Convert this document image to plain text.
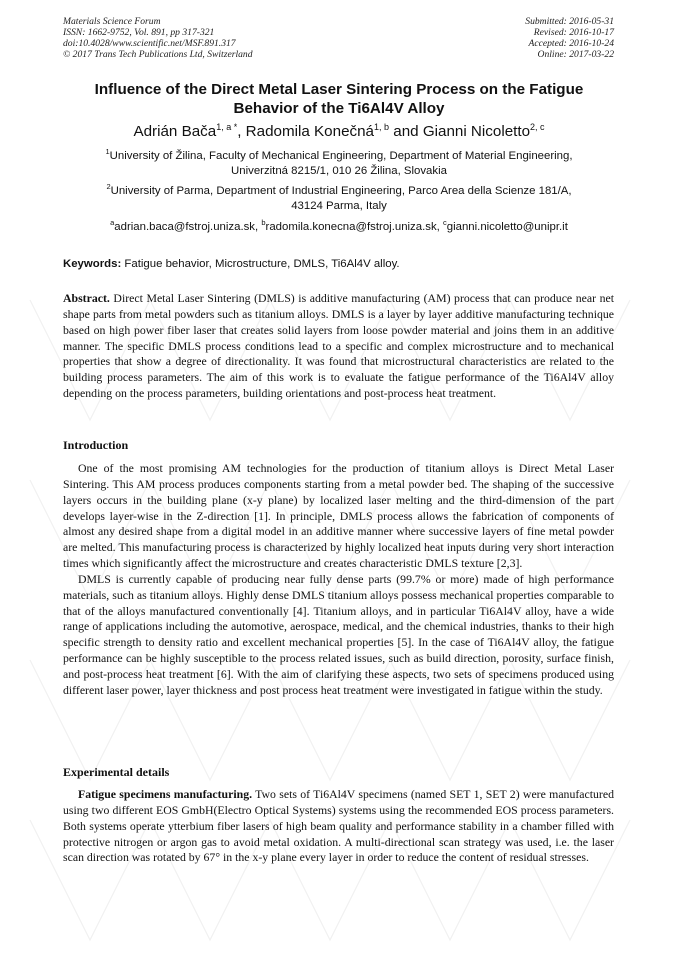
Materials Science Forum
ISSN: 1662-9752, Vol. 891, pp 317-321
doi:10.4028/www.scientific.net/MSF.891.317
© 2017 Trans Tech Publications Ltd, Switzerland
Submitted: 2016-05-31
Revised: 2016-10-17
Accepted: 2016-10-24
Online: 2017-03-22
Influence of the Direct Metal Laser Sintering Process on the Fatigue
Behavior of the Ti6Al4V Alloy
Adrián Bača$^{1, a *}$, Radomila Konečná$^{1, b}$ and Gianni Nicoletto$^{2, c}$
$^1$University of Žilina, Faculty of Mechanical Engineering, Department of Material Engineering,
Univerzitná 8215/1, 010 26 Žilina, Slovakia
$^2$University of Parma, Department of Industrial Engineering, Parco Area della Scienze 181/A,
43124 Parma, Italy
$^a$adrian.baca@fstroj.uniza.sk, $^b$radomila.konecna@fstroj.uniza.sk, $^c$gianni.nicoletto@unipr.it
Keywords: Fatigue behavior, Microstructure, DMLS, Ti6Al4V alloy.

Abstract. Direct Metal Laser Sintering (DMLS) is additive manufacturing (AM) process that can produce near net shape parts from metal powders such as titanium alloys. DMLS is a layer by layer additive manufacturing technique based on high power fiber laser that creates solid layers from loose powder material and joins them in an additive manner. The specific DMLS process conditions lead to a specific and complex microstructure and to mechanical properties that show a degree of directionality. It was found that microstructural characteristics are related to the building process parameters. The aim of this work is to evaluate the fatigue performance of the Ti6Al4V alloy depending on the process parameters, building orientations and post-process heat treatment.

Introduction

One of the most promising AM technologies for the production of titanium alloys is Direct Metal Laser Sintering. This AM process produces components starting from a metal powder bed. The shaping of the successive layers occurs in the building plane (x-y plane) by localized laser melting and the third-dimension of the part develops layer-wise in the Z-direction [1]. In principle, DMLS process allows the fabrication of components of almost any desired shape from a digital model in an additive manner where successive layers of fine metal powder are melted. This manufacturing process is characterized by highly localized heat inputs during very short interaction times which significantly affect the microstructure and creates characteristic DMLS texture [2,3].

DMLS is currently capable of producing near fully dense parts (99.7% or more) made of high performance materials, such as titanium alloys. Highly dense DMLS titanium alloys possess mechanical properties comparable to that of the alloys manufactured conventionally [4]. Titanium alloys, and in particular Ti6Al4V alloy, have a wide range of applications including the automotive, aerospace, medical, and the chemical industries, thanks to their high specific strength to density ratio and excellent mechanical properties [5]. In the case of Ti6Al4V alloy, the fatigue performance can be highly susceptible to the process related issues, such as build direction, porosity, surface finish, and post-process heat treatment [6]. With the aim of clarifying these aspects, two sets of specimens produced using different laser power, layer thickness and post process heat treatment were investigated in fatigue within the study.

Experimental details

Fatigue specimens manufacturing. Two sets of Ti6Al4V specimens (named SET 1, SET 2) were manufactured using two different EOS GmbH(Electro Optical Systems) systems using the recommended EOS process parameters. Both systems operate ytterbium fiber lasers of high beam quality and performance stability in a chamber filled with protective nitrogen or argon gas to avoid metal oxidation. A multi-directional scan strategy was used, i.e. the laser scan direction was rotated by 67° in the x-y plane every layer in order to reduce the content of residual stresses.
